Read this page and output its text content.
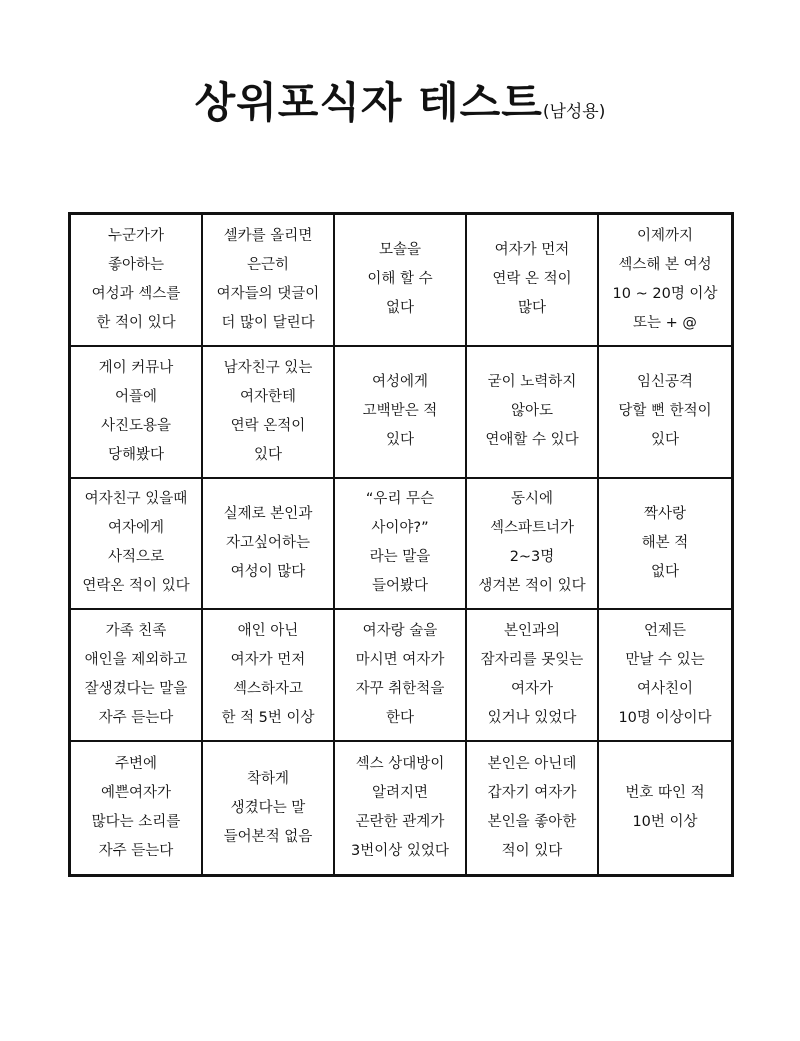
상위포식자 테스트(남성용)
누군가가
좋아하는
여성과 섹스를
한 적이 있다
셀카를 올리면
은근히
여자들의 댓글이
더 많이 달린다
모솔을
이해 할 수
없다
여자가 먼저
연락 온 적이
많다
이제까지
섹스해 본 여성
10 ~ 20명 이상
또는 + @
게이 커뮤나
어플에
사진도용을
당해봤다
남자친구 있는
여자한테
연락 온적이
있다
여성에게
고백받은 적
있다
굳이 노력하지
않아도
연애할 수 있다
임신공격
당할 뻔 한적이
있다
여자친구 있을때
여자에게
사적으로
연락온 적이 있다
실제로 본인과
자고싶어하는
여성이 많다
“우리 무슨
사이야?”
라는 말을
들어봤다
동시에
섹스파트너가
2~3명
생겨본 적이 있다
짝사랑
해본 적
없다
가족 친족
애인을 제외하고
잘생겼다는 말을
자주 듣는다
애인 아닌
여자가 먼저
섹스하자고
한 적 5번 이상
여자랑 술을
마시면 여자가
자꾸 취한척을
한다
본인과의
잠자리를 못잊는
여자가
있거나 있었다
언제든
만날 수 있는
여사친이
10명 이상이다
주변에
예쁜여자가
많다는 소리를
자주 듣는다
착하게
생겼다는 말
들어본적 없음
섹스 상대방이
알려지면
곤란한 관계가
3번이상 있었다
본인은 아닌데
갑자기 여자가
본인을 좋아한
적이 있다
번호 따인 적
10번 이상
